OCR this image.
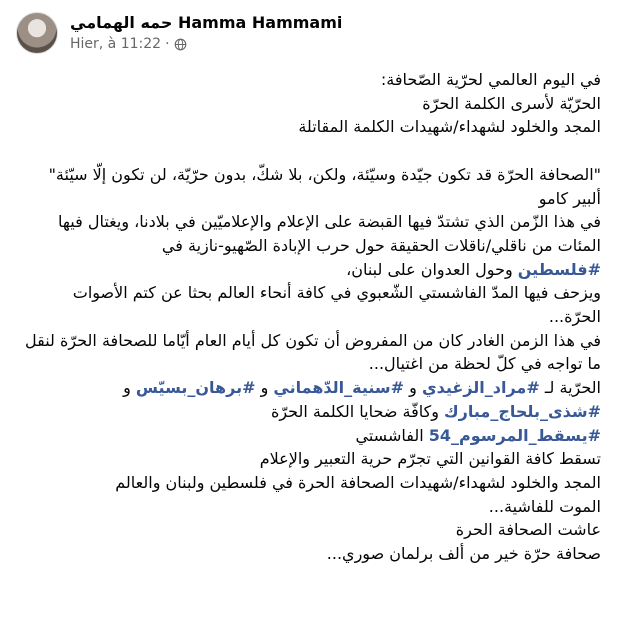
حمه الهمامي Hamma Hammami
Hier, à 11:22 ·

في اليوم العالمي لحرّية الصّحافة:

الحرّيّة لأسرى الكلمة الحرّة

المجد والخلود لشهداء/شهيدات الكلمة المقاتلة

"الصحافة الحرّة قد تكون جيّدة وسيّئة، ولكن، بلا شكّ، بدون حرّيّة، لن تكون إلّا سيّئة"

ألبير كامو

في هذا الزّمن الذي تشتدّ فيها القبضة على الإعلام والإعلاميّين في بلادنا، ويغتال فيها المئات من ناقلي/ناقلات الحقيقة حول حرب الإبادة الصّهيو-نازية في

#فلسطين وحول العدوان على لبنان،

ويزحف فيها المدّ الفاشستي الشّعبوي في كافة أنحاء العالم بحثا عن كتم الأصوات الحرّة...

في هذا الزمن الغادر كان من المفروض أن تكون كل أيام العام أيّاما للصحافة الحرّة لنقل ما تواجه في كلّ لحظة من اغتيال...

الحرّية لـ #مراد_الزغيدي و #سنية_الدّهماني و #برهان_بسيّس و

#شذى_بلحاج_مبارك وكافّة ضحايا الكلمة الحرّة

#يسقط_المرسوم_54 الفاشستي

تسقط كافة القوانين التي تجرّم حرية التعبير والإعلام

المجد والخلود لشهداء/شهيدات الصحافة الحرة في فلسطين ولبنان والعالم

الموت للفاشية...

عاشت الصحافة الحرة

صحافة حرّة خير من ألف برلمان صوري...
